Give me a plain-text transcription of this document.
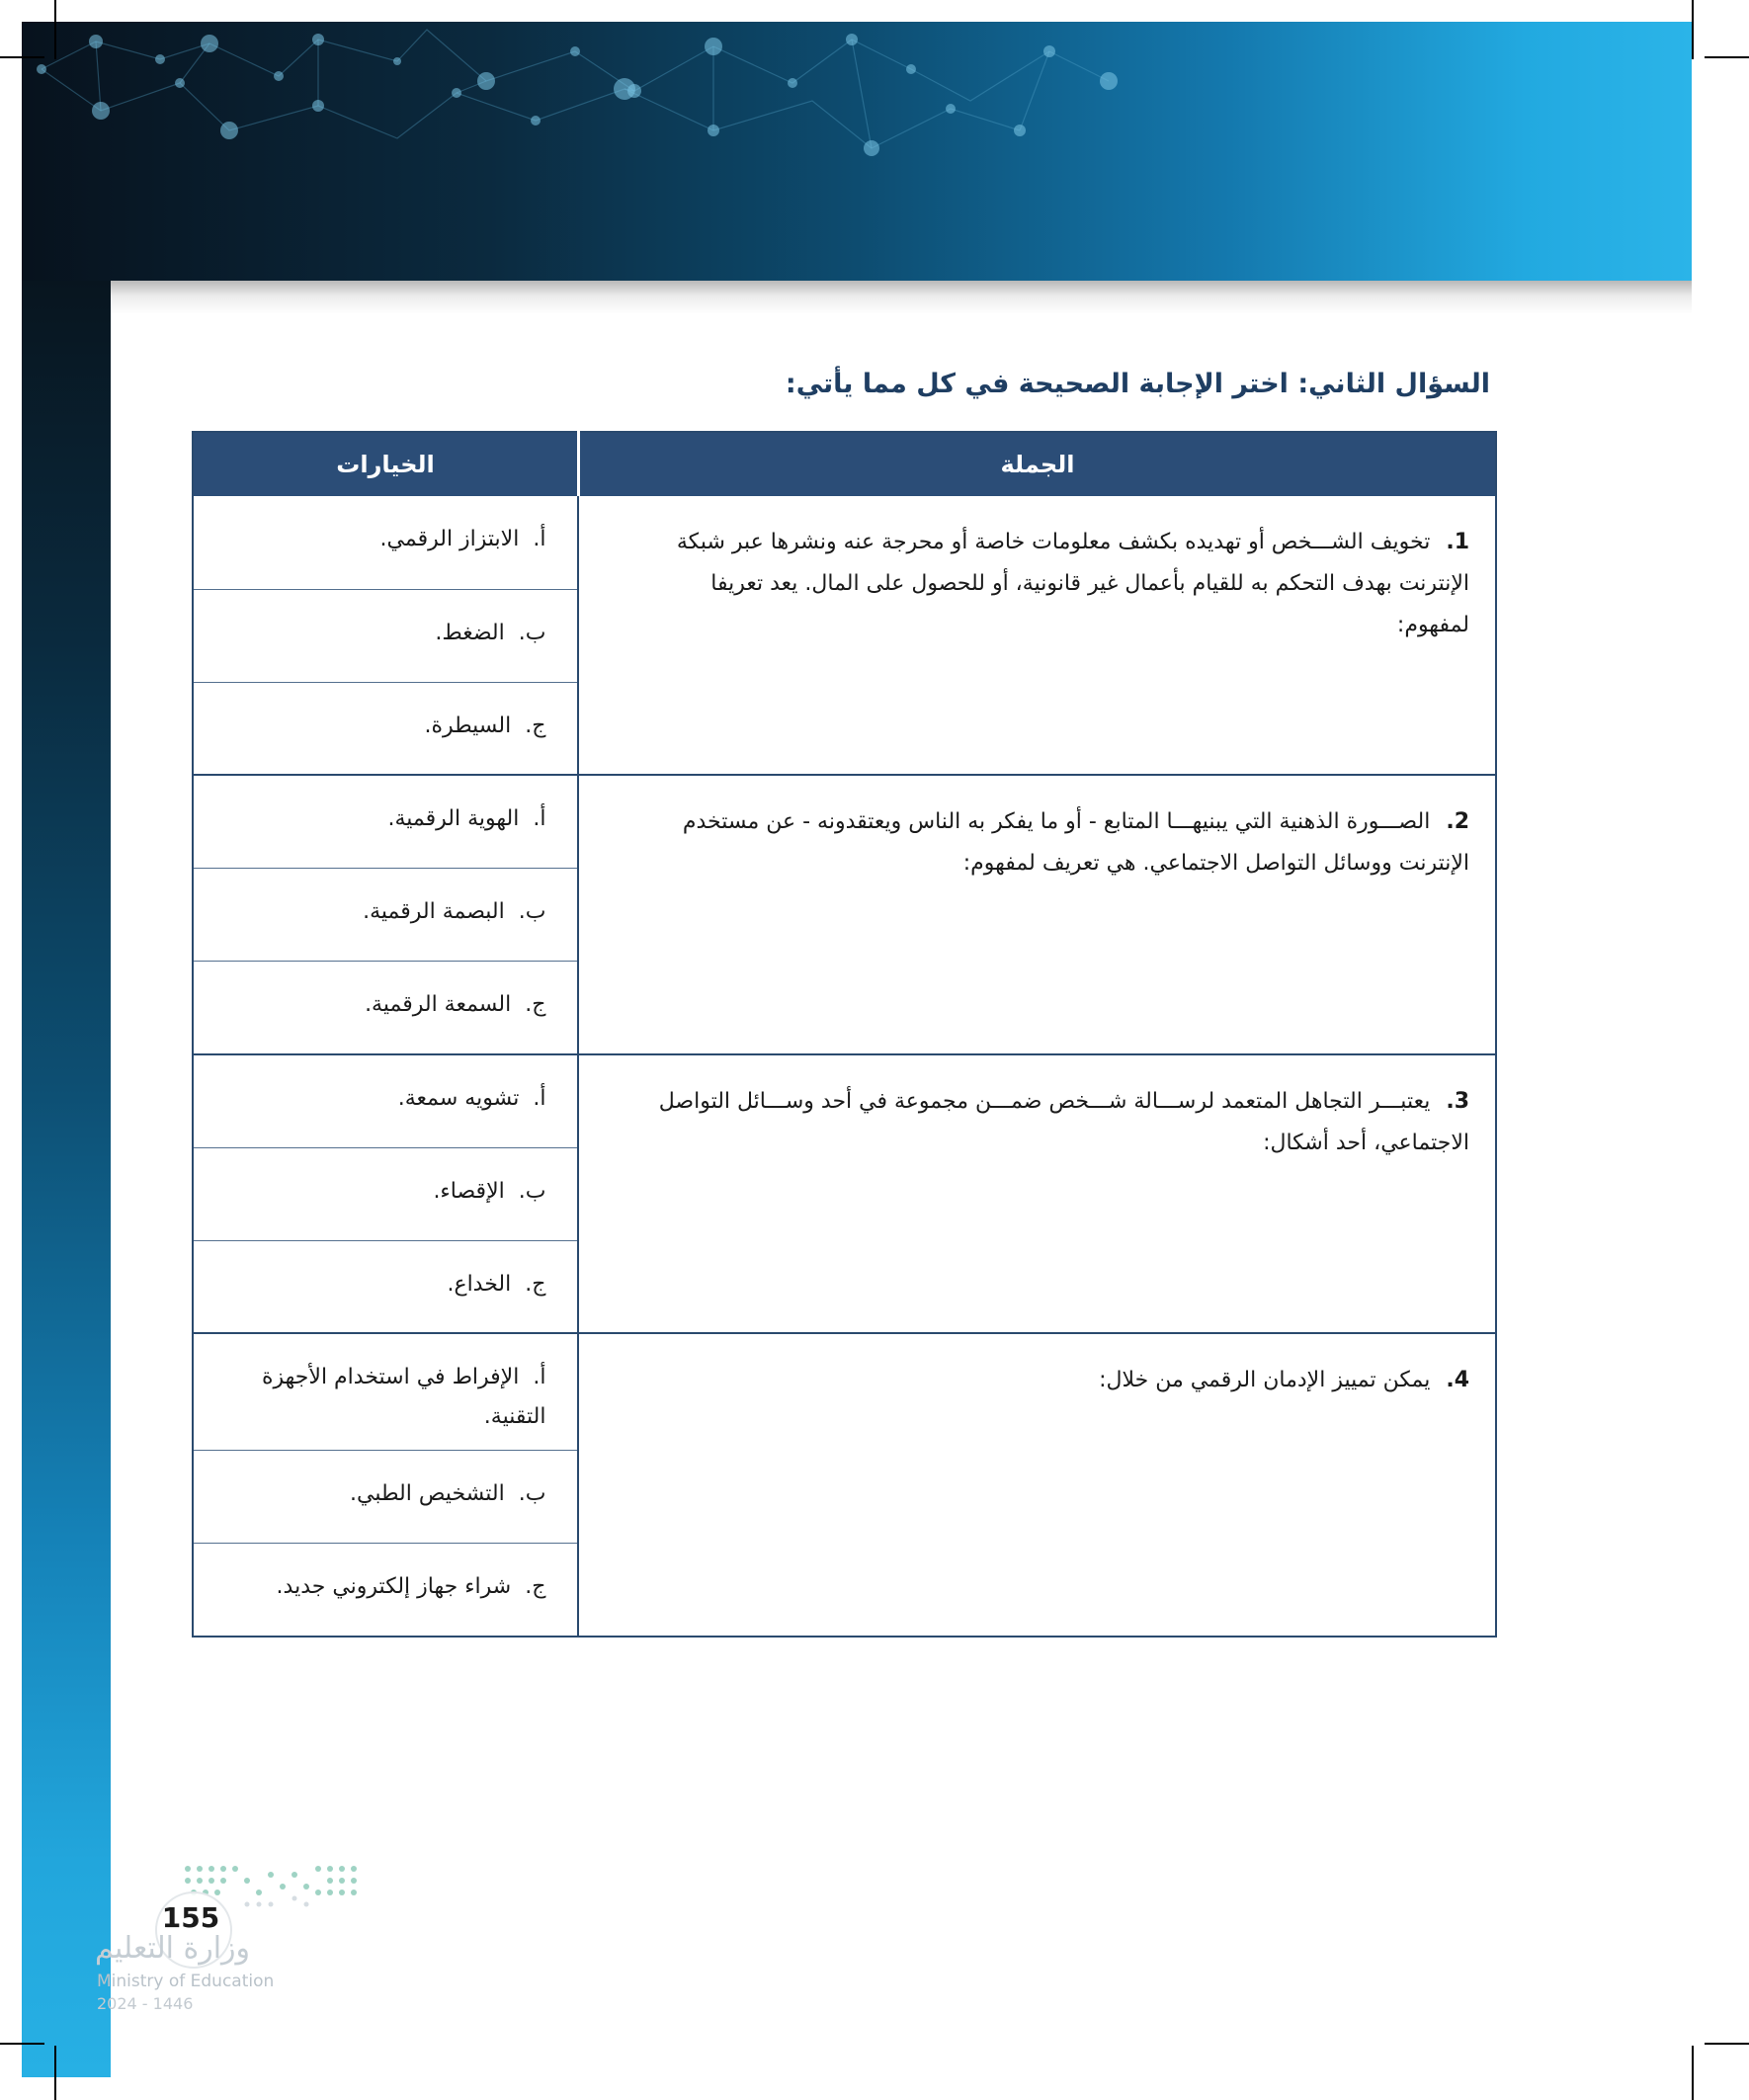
السؤال الثاني: اختر الإجابة الصحيحة في كل مما يأتي:
الجملة	الخيارات
1.تخويف الشـــخص أو تهديده بكشف معلومات خاصة أو محرجة عنه ونشرها عبر شبكة الإنترنت بهدف التحكم به للقيام بأعمال غير قانونية، أو للحصول على المال. يعد تعريفا لمفهوم:	أ.الابتزاز الرقمي.
	ب.الضغط.
	ج.السيطرة.
2.الصـــورة الذهنية التي يبنيهـــا المتابع - أو ما يفكر به الناس ويعتقدونه - عن مستخدم الإنترنت ووسائل التواصل الاجتماعي. هي تعريف لمفهوم:	أ.الهوية الرقمية.
	ب.البصمة الرقمية.
	ج.السمعة الرقمية.
3.يعتبـــر التجاهل المتعمد لرســـالة شـــخص ضمـــن مجموعة في أحد وســـائل التواصل الاجتماعي، أحد أشكال:	أ.تشويه سمعة.
	ب.الإقصاء.
	ج.الخداع.
4.يمكن تمييز الإدمان الرقمي من خلال:	أ.الإفراط في استخدام الأجهزة التقنية.
	ب.التشخيص الطبي.
	ج.شراء جهاز إلكتروني جديد.
وزارة التعليم
155
Ministry of Education
2024 - 1446
